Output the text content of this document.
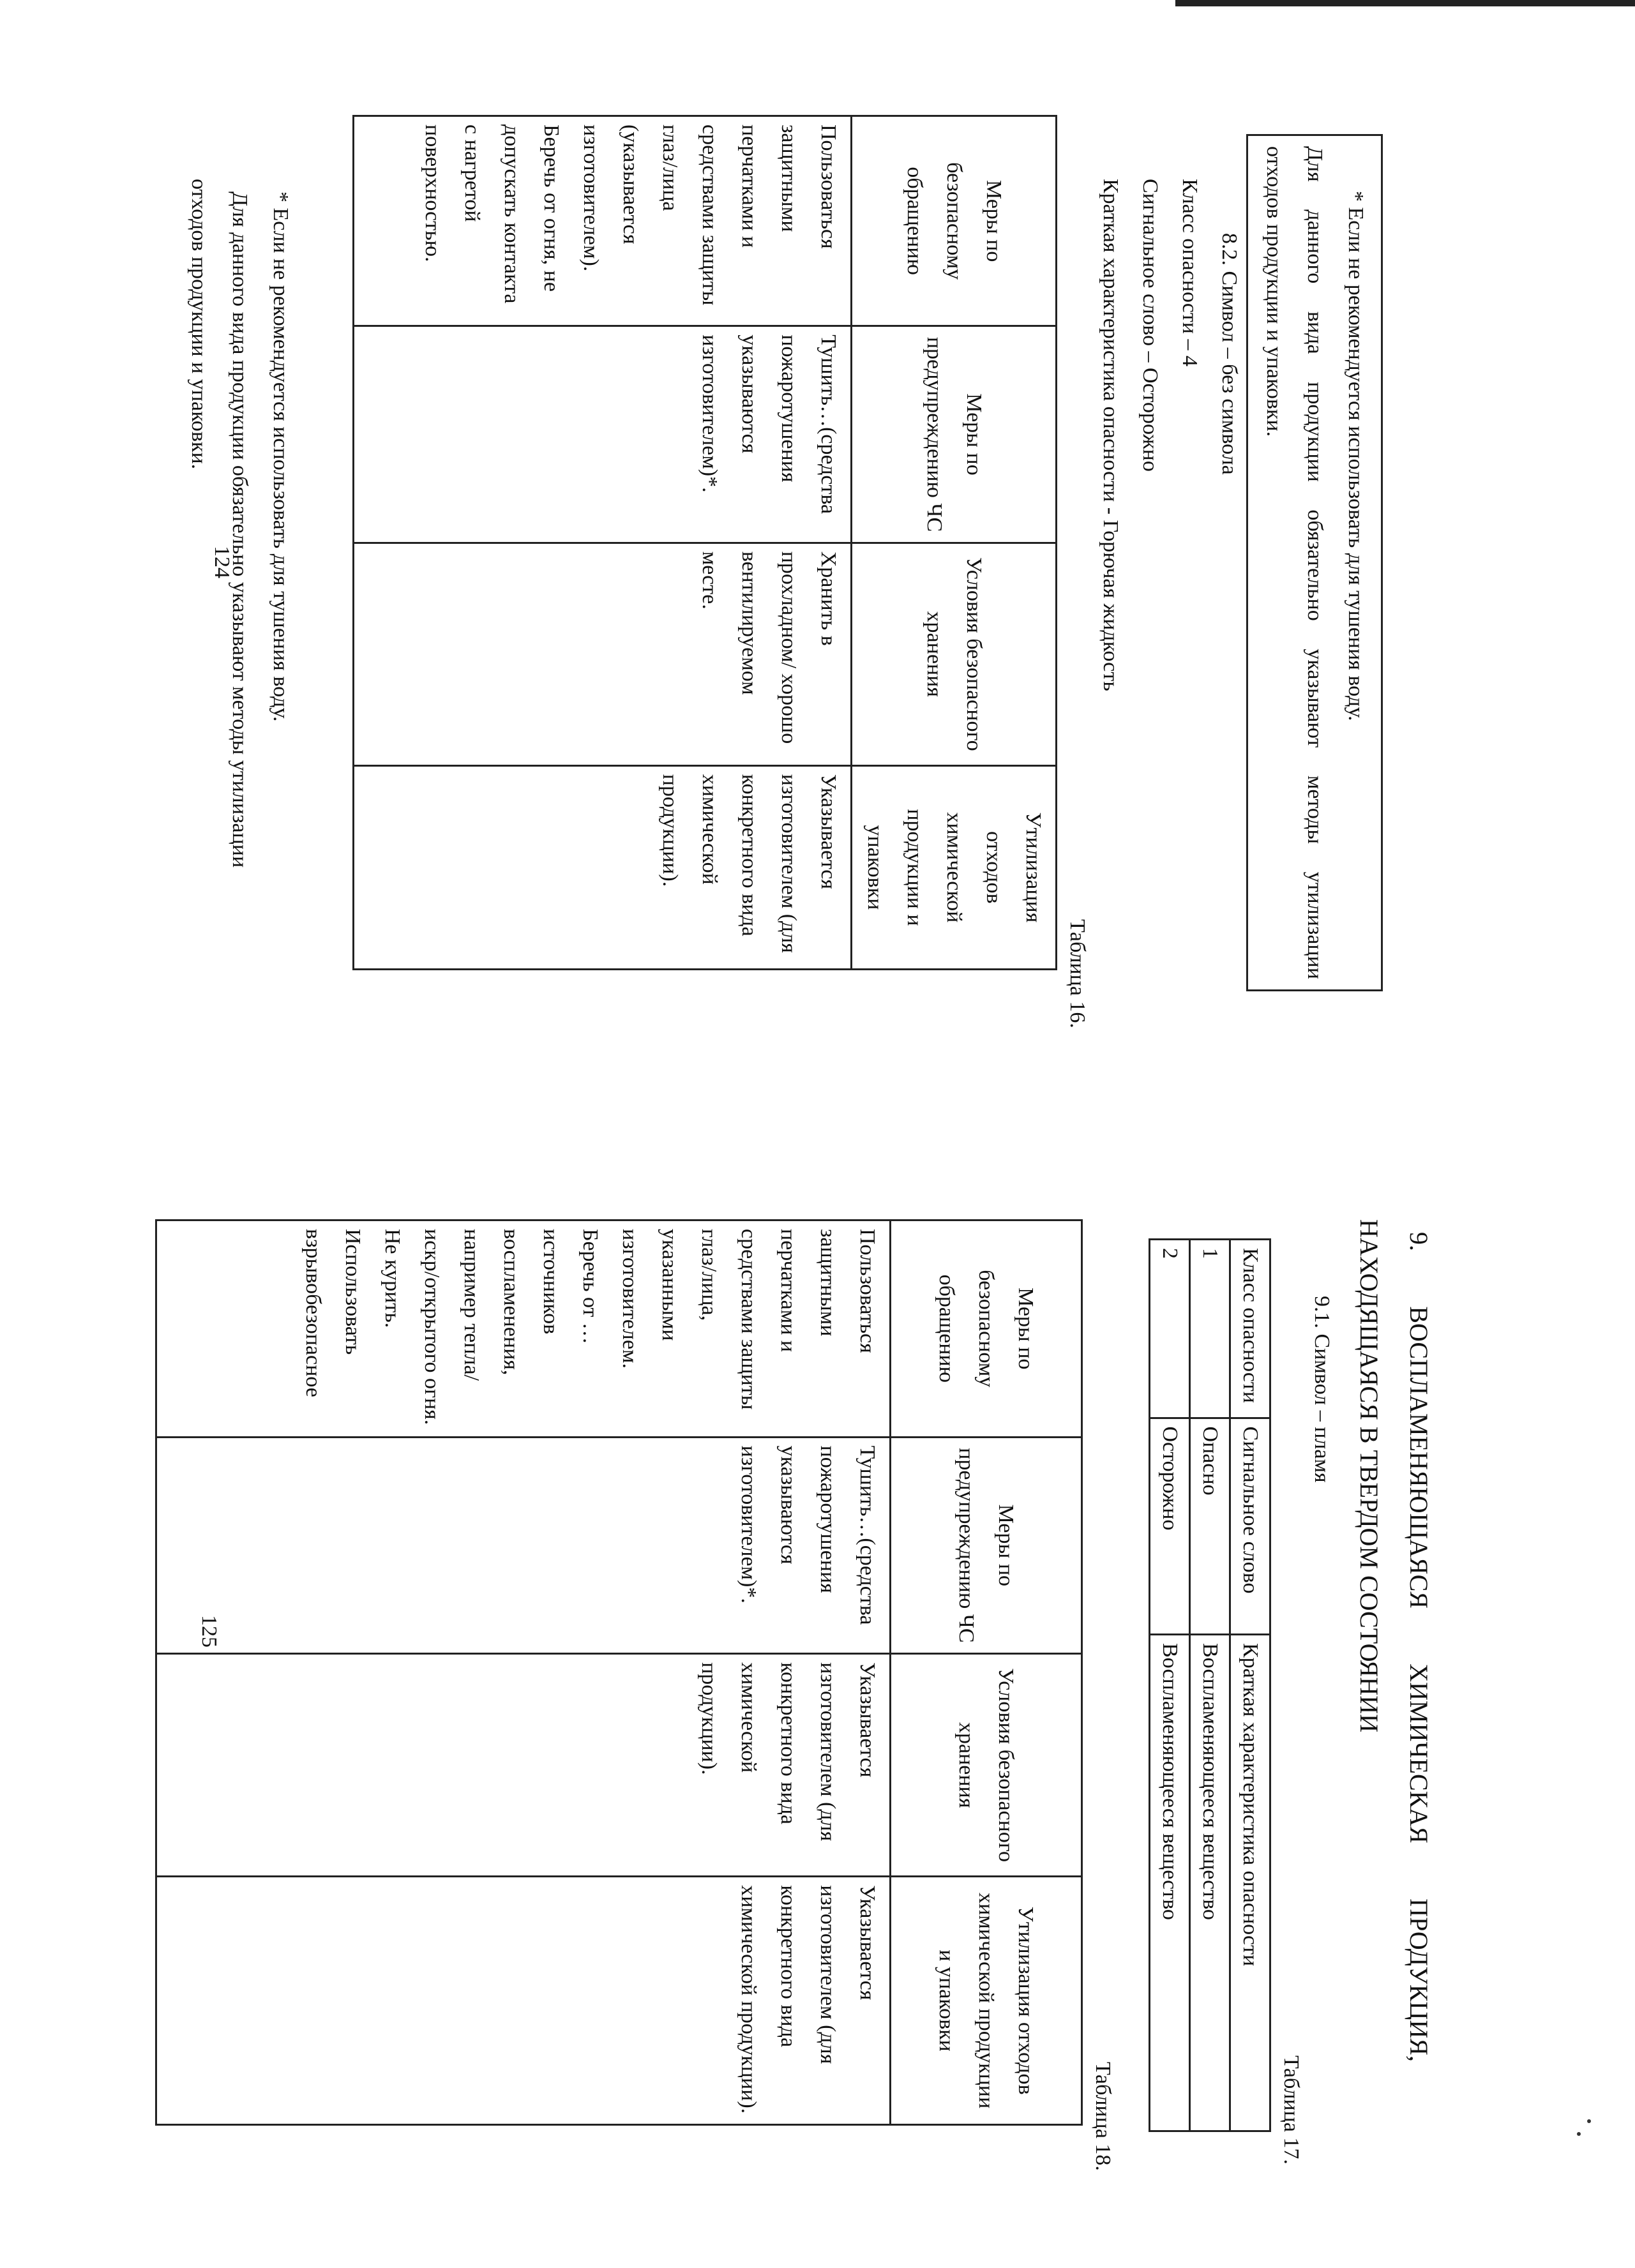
124	* Если не рекомендуется использовать для тушения воду.
Для данного вида продукции обязательно указывают методы утилизации
отходов продукции и упаковки.
8.2. Символ – без символа
Класс опасности – 4
Сигнальное слово – Осторожно
Краткая характеристика опасности - Горючая жидкость
Таблица 16.
Меры по безопасному обращению	Меры по предупреждению ЧС	Условия безопасного хранения	Утилизация отходов химической продукции и упаковки
Пользоваться защитными перчатками и средствами защиты глаз/лица (указывается изготовителем). Беречь от огня, не допускать контакта с нагретой поверхностью.	Тушить…(средства пожаротушения указываются изготовителем)*.	Хранить в прохладном/ хорошо вентилируемом месте.	Указывается изготовителем (для конкретного вида химической продукции).
* Если не рекомендуется использовать для тушения воду.
Для данного вида продукции обязательно указывают методы утилизации
отходов продукции и упаковки.
125
9.
ВОСПЛАМЕНЯЮЩАЯСЯ
ХИМИЧЕСКАЯ
ПРОДУКЦИЯ,
НАХОДЯЩАЯСЯ В ТВЕРДОМ СОСТОЯНИИ
9.1. Символ – пламя
Таблица 17.
Класс опасности	Сигнальное слово	Краткая характеристика опасности
1	Опасно	Воспламеняющееся вещество
2	Осторожно	Воспламеняющееся вещество
Таблица 18.
Меры по безопасному обращению	Меры по предупреждению ЧС	Условия безопасного хранения	Утилизация отходов химической продукции и упаковки
Пользоваться защитными перчатками и средствами защиты глаз/лица, указанными изготовителем. Беречь от …источников воспламенения, например тепла/искр/открытого огня. Не курить. Использовать взрывобезопасное	Тушить…(средства пожаротушения указываются изготовителем)*.	Указывается изготовителем (для конкретного вида химической продукции).	Указывается изготовителем (для конкретного вида химической продукции).
